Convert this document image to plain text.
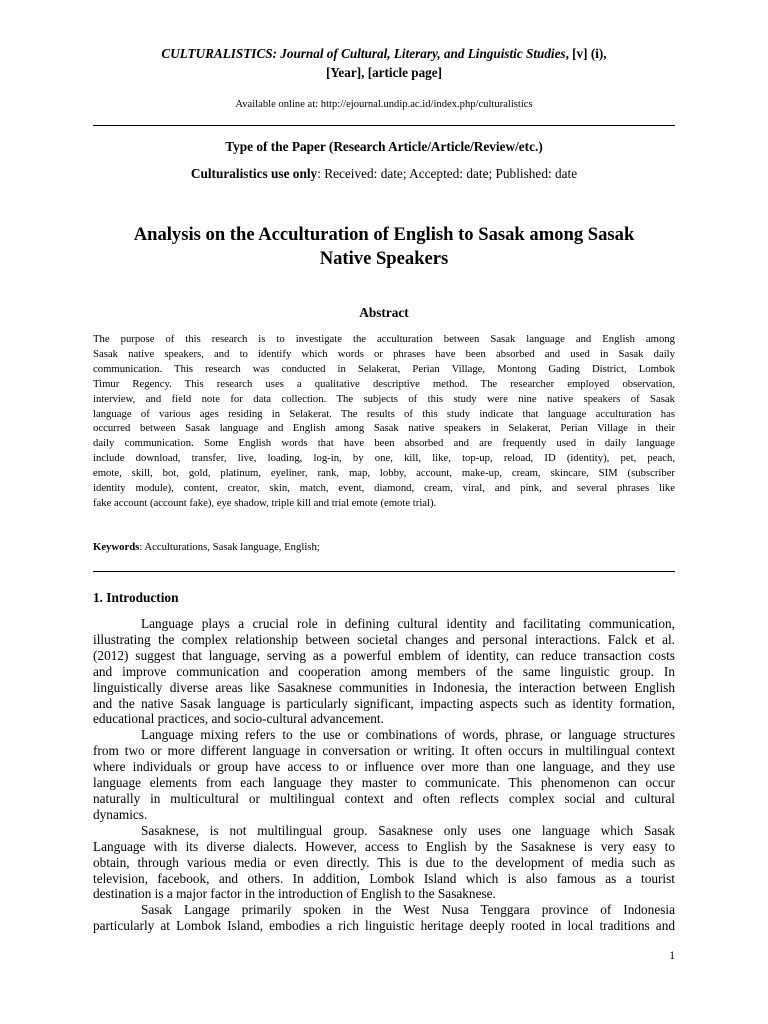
CULTURALISTICS: Journal of Cultural, Literary, and Linguistic Studies, [v] (i),
[Year], [article page]
Available online at: http://ejournal.undip.ac.id/index.php/culturalistics
Type of the Paper (Research Article/Article/Review/etc.)
Culturalistics use only: Received: date; Accepted: date; Published: date
Analysis on the Acculturation of English to Sasak among Sasak
Native Speakers
Abstract
The purpose of this research is to investigate the acculturation between Sasak language and English among
Sasak native speakers, and to identify which words or phrases have been absorbed and used in Sasak daily
communication. This research was conducted in Selakerat, Perian Village, Montong Gading District, Lombok
Timur Regency. This research uses a qualitative descriptive method. The researcher employed observation,
interview, and field note for data collection. The subjects of this study were nine native speakers of Sasak
language of various ages residing in Selakerat. The results of this study indicate that language acculturation has
occurred between Sasak language and English among Sasak native speakers in Selakerat, Perian Village in their
daily communication. Some English words that have been absorbed and are frequently used in daily language
include download, transfer, live, loading, log-in, by one, kill, like, top-up, reload, ID (identity), pet, peach,
emote, skill, bot, gold, platinum, eyeliner, rank, map, lobby, account, make-up, cream, skincare, SIM (subscriber
identity module), content, creator, skin, match, event, diamond, cream, viral, and pink, and several phrases like
fake account (account fake), eye shadow, triple kill and trial emote (emote trial).
Keywords: Acculturations, Sasak language, English;
1. Introduction
Language plays a crucial role in defining cultural identity and facilitating communication,
illustrating the complex relationship between societal changes and personal interactions. Falck et al.
(2012) suggest that language, serving as a powerful emblem of identity, can reduce transaction costs
and improve communication and cooperation among members of the same linguistic group. In
linguistically diverse areas like Sasaknese communities in Indonesia, the interaction between English
and the native Sasak language is particularly significant, impacting aspects such as identity formation,
educational practices, and socio-cultural advancement.
Language mixing refers to the use or combinations of words, phrase, or language structures
from two or more different language in conversation or writing. It often occurs in multilingual context
where individuals or group have access to or influence over more than one language, and they use
language elements from each language they master to communicate. This phenomenon can occur
naturally in multicultural or multilingual context and often reflects complex social and cultural
dynamics.
Sasaknese, is not multilingual group. Sasaknese only uses one language which Sasak
Language with its diverse dialects. However, access to English by the Sasaknese is very easy to
obtain, through various media or even directly. This is due to the development of media such as
television, facebook, and others. In addition, Lombok Island which is also famous as a tourist
destination is a major factor in the introduction of English to the Sasaknese.
Sasak Langage primarily spoken in the West Nusa Tenggara province of Indonesia
particularly at Lombok Island, embodies a rich linguistic heritage deeply rooted in local traditions and
1
